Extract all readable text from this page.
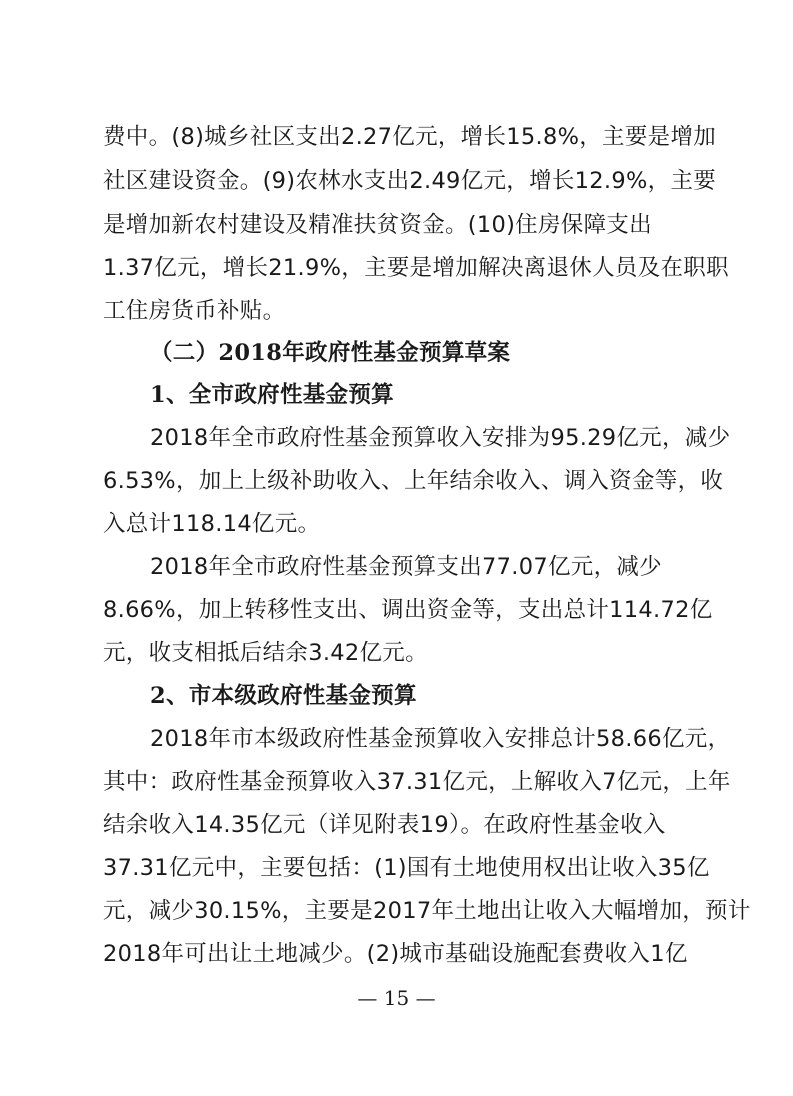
费中。(8)城乡社区支出2.27亿元，增长15.8%，主要是增加
社区建设资金。(9)农林水支出2.49亿元，增长12.9%，主要
是增加新农村建设及精准扶贫资金。(10)住房保障支出
1.37亿元，增长21.9%，主要是增加解决离退休人员及在职职
工住房货币补贴。
（二）2018年政府性基金预算草案
1、全市政府性基金预算
2018年全市政府性基金预算收入安排为95.29亿元，减少
6.53%，加上上级补助收入、上年结余收入、调入资金等，收
入总计118.14亿元。
2018年全市政府性基金预算支出77.07亿元，减少
8.66%，加上转移性支出、调出资金等，支出总计114.72亿
元，收支相抵后结余3.42亿元。
2、市本级政府性基金预算
2018年市本级政府性基金预算收入安排总计58.66亿元，
其中：政府性基金预算收入37.31亿元，上解收入7亿元，上年
结余收入14.35亿元（详见附表19）。在政府性基金收入
37.31亿元中，主要包括：(1)国有土地使用权出让收入35亿
元，减少30.15%，主要是2017年土地出让收入大幅增加，预计
2018年可出让土地减少。(2)城市基础设施配套费收入1亿
— 15 —
